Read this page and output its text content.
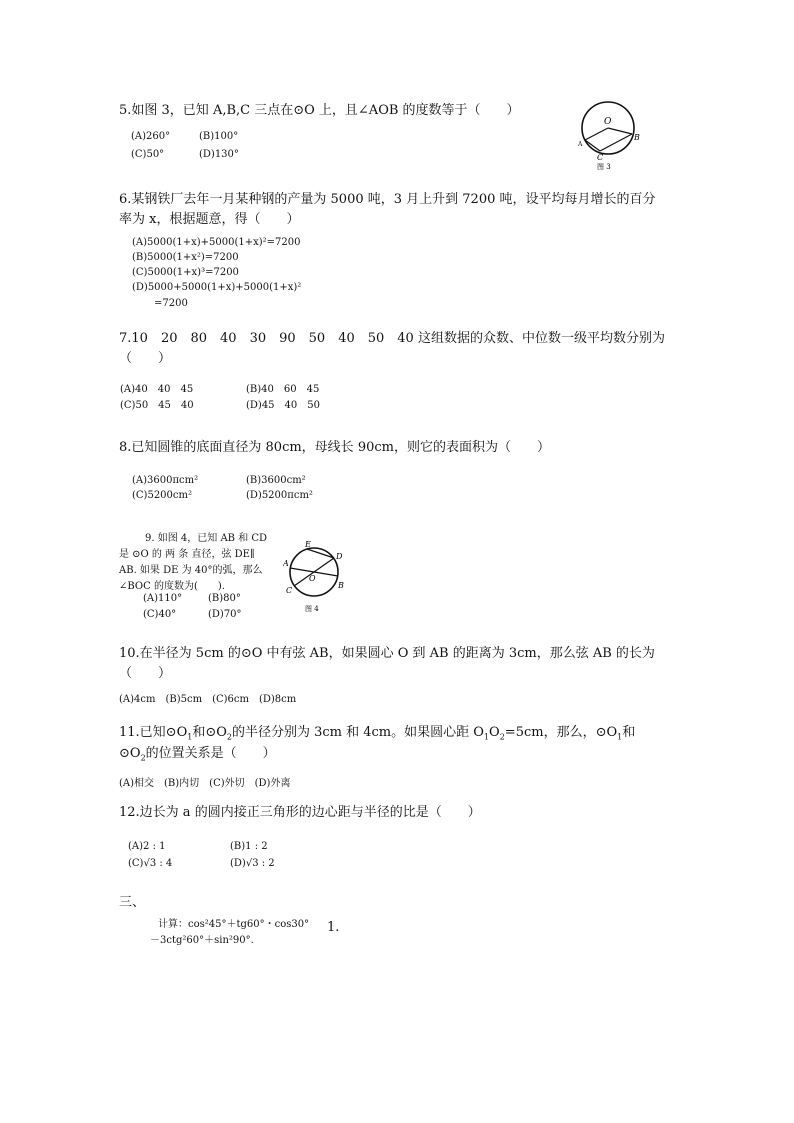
5.如图 3，已知 A,B,C 三点在⊙O 上，且∠AOB 的度数等于（　　）
(A)260°	(B)100°
(C)50°	(D)130°
O
B
C
A
图 3
6.某钢铁厂去年一月某种钢的产量为 5000 吨，3 月上升到 7200 吨，设平均每月增长的百分
率为 x，根据题意，得（　　）
(A)5000(1+x)+5000(1+x)²=7200
(B)5000(1+x²)=7200
(C)5000(1+x)³=7200
(D)5000+5000(1+x)+5000(1+x)²
=7200
7.10　20　80　40　30　90　50　40　50　40 这组数据的众数、中位数一级平均数分别为
（　　）
(A)40　40　45	(B)40　60　45
(C)50　45　40	(D)45　40　50
8.已知圆锥的底面直径为 80cm，母线长 90cm，则它的表面积为（　　）
(A)3600πcm²	(B)3600cm²
(C)5200cm²	(D)5200πcm²
9. 如图 4，已知 AB 和 CD
是 ⊙O 的 两 条 直径，弦 DE∥
AB. 如果 DE 为 40°的弧，那么
∠BOC 的度数为(　　).
(A)110°	(B)80°
(C)40°	(D)70°
E
D
A
O
C
B
图 4
10.在半径为 5cm 的⊙O 中有弦 AB，如果圆心 O 到 AB 的距离为 3cm，那么弦 AB 的长为
（　　）
(A)4cm　(B)5cm　(C)6cm　(D)8cm
11.已知$⊙O_1$和$⊙O_2$的半径分别为 3cm 和 4cm。如果圆心距 $O_1O_2=5cm$，那么，$⊙O_1$和
$⊙O_2$的位置关系是（　　）
(A)相交　(B)内切　(C)外切　(D)外离
12.边长为 a 的圆内接正三角形的边心距与半径的比是（　　）
(A)2 : 1	(B)1 : 2
(C)√3 : 4	(D)√3 : 2
三、
计算：cos²45°＋tg60°・cos30°
－3ctg²60°＋sin²90°.
1.
